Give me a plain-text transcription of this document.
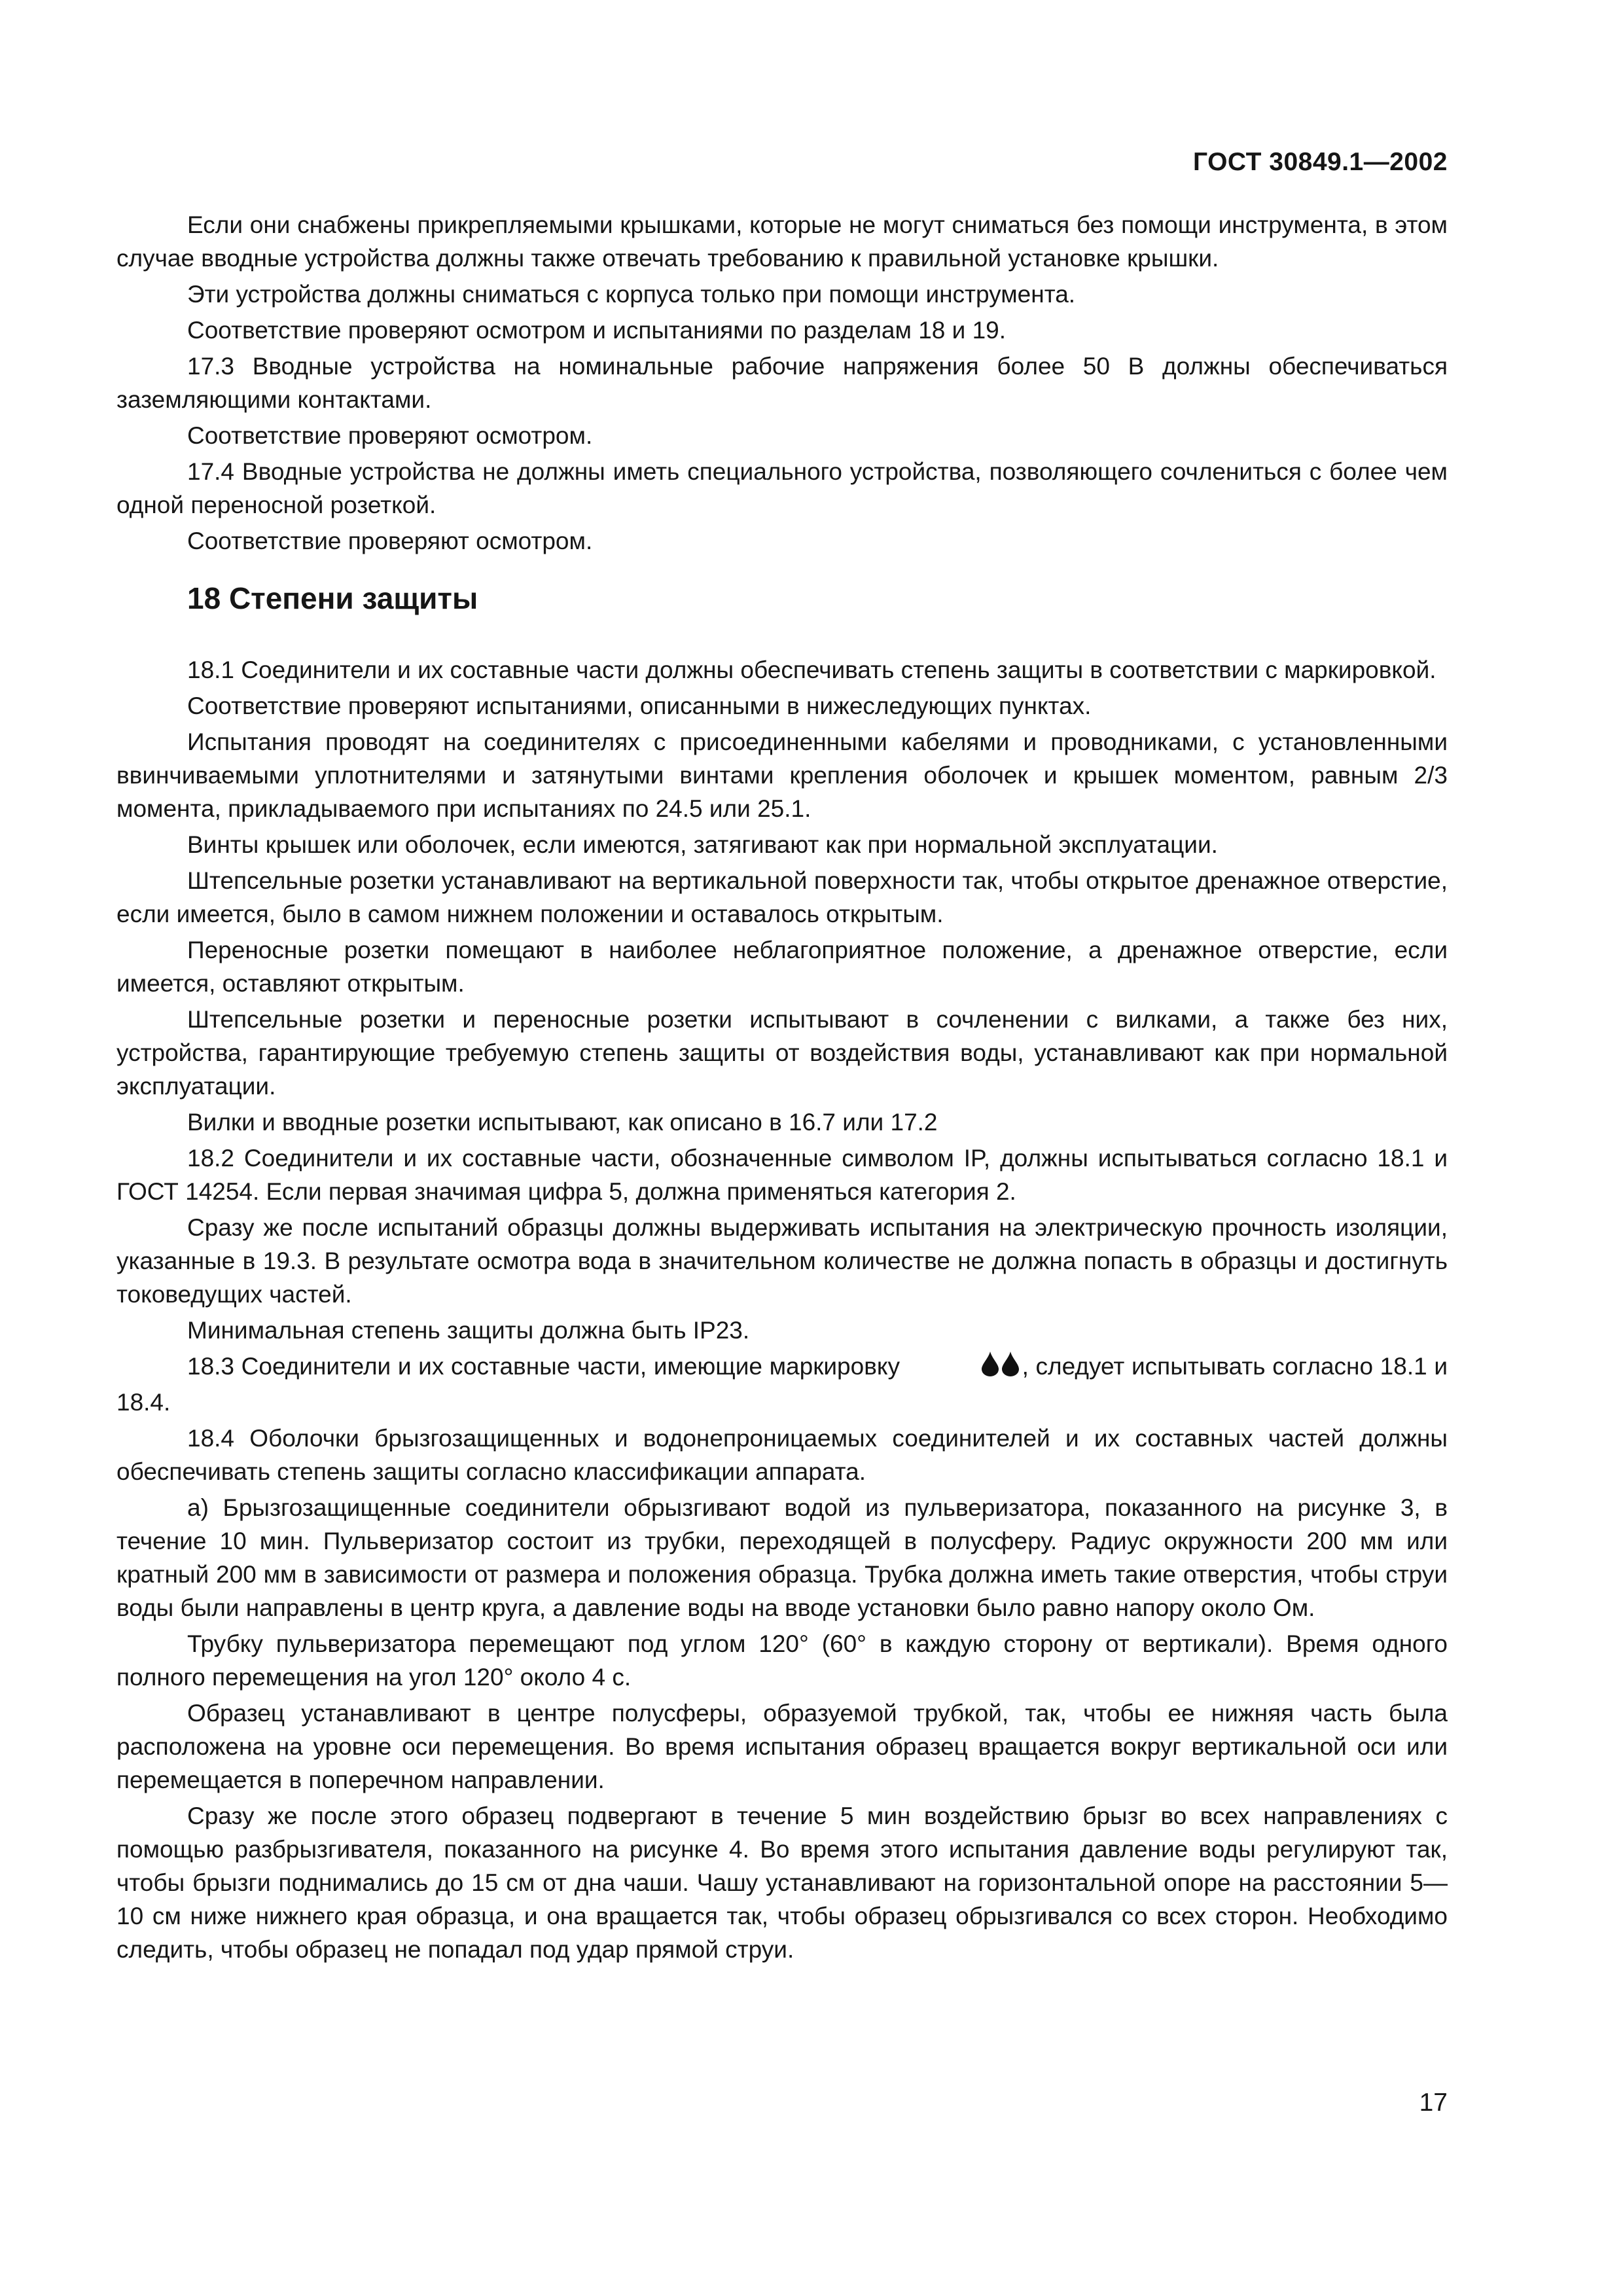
ГОСТ 30849.1—2002

Если они снабжены прикрепляемыми крышками, которые не могут сниматься без помощи инструмента, в этом случае вводные устройства должны также отвечать требованию к правильной установке крышки.

Эти устройства должны сниматься с корпуса только при помощи инструмента.

Соответствие проверяют осмотром и испытаниями по разделам 18 и 19.

17.3 Вводные устройства на номинальные рабочие напряжения более 50 В должны обеспечиваться заземляющими контактами.

Соответствие проверяют осмотром.

17.4 Вводные устройства не должны иметь специального устройства, позволяющего сочлениться с более чем одной переносной розеткой.

Соответствие проверяют осмотром.

18 Степени защиты

18.1 Соединители и их составные части должны обеспечивать степень защиты в соответствии с маркировкой.

Соответствие проверяют испытаниями, описанными в нижеследующих пунктах.

Испытания проводят на соединителях с присоединенными кабелями и проводниками, с установленными ввинчиваемыми уплотнителями и затянутыми винтами крепления оболочек и крышек моментом, равным 2/3 момента, прикладываемого при испытаниях по 24.5 или 25.1.

Винты крышек или оболочек, если имеются, затягивают как при нормальной эксплуатации.

Штепсельные розетки устанавливают на вертикальной поверхности так, чтобы открытое дренажное отверстие, если имеется, было в самом нижнем положении и оставалось открытым.

Переносные розетки помещают в наиболее неблагоприятное положение, а дренажное отверстие, если имеется, оставляют открытым.

Штепсельные розетки и переносные розетки испытывают в сочленении с вилками, а также без них, устройства, гарантирующие требуемую степень защиты от воздействия воды, устанавливают как при нормальной эксплуатации.

Вилки и вводные розетки испытывают, как описано в 16.7 или 17.2

18.2 Соединители и их составные части, обозначенные символом IP, должны испытываться согласно 18.1 и ГОСТ 14254. Если первая значимая цифра 5, должна применяться категория 2.

Сразу же после испытаний образцы должны выдерживать испытания на электрическую прочность изоляции, указанные в 19.3. В результате осмотра вода в значительном количестве не должна попасть в образцы и достигнуть токоведущих частей.

Минимальная степень защиты должна быть IP23.

18.3 Соединители и их составные части, имеющие маркировку	, следует испытывать согласно 18.1 и 18.4.

18.4 Оболочки брызгозащищенных и водонепроницаемых соединителей и их составных частей должны обеспечивать степень защиты согласно классификации аппарата.

а) Брызгозащищенные соединители обрызгивают водой из пульверизатора, показанного на рисунке 3, в течение 10 мин. Пульверизатор состоит из трубки, переходящей в полусферу. Радиус окружности 200 мм или кратный 200 мм в зависимости от размера и положения образца. Трубка должна иметь такие отверстия, чтобы струи воды были направлены в центр круга, а давление воды на вводе установки было равно напору около Ом.

Трубку пульверизатора перемещают под углом 120° (60° в каждую сторону от вертикали). Время одного полного перемещения на угол 120° около 4 с.

Образец устанавливают в центре полусферы, образуемой трубкой, так, чтобы ее нижняя часть была расположена на уровне оси перемещения. Во время испытания образец вращается вокруг вертикальной оси или перемещается в поперечном направлении.

Сразу же после этого образец подвергают в течение 5 мин воздействию брызг во всех направлениях с помощью разбрызгивателя, показанного на рисунке 4. Во время этого испытания давление воды регулируют так, чтобы брызги поднимались до 15 см от дна чаши. Чашу устанавливают на горизонтальной опоре на расстоянии 5—10 см ниже нижнего края образца, и она вращается так, чтобы образец обрызгивался со всех сторон. Необходимо следить, чтобы образец не попадал под удар прямой струи.

17
